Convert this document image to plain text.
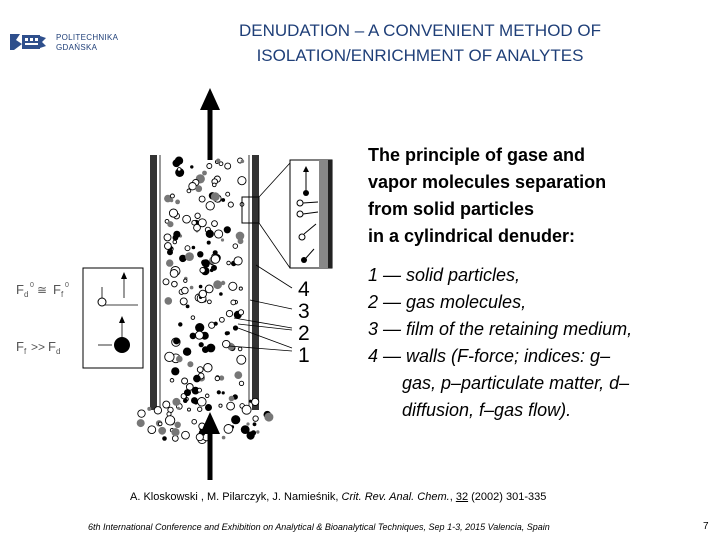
POLITECHNIKA
GDAŃSKA
DENUDATION – A CONVENIENT METHOD OF
ISOLATION/ENRICHMENT OF ANALYTES
F d
0 ≅ F f
0
F f >> F d
4
3
2
1
The principle of gase and
vapor molecules separation
from solid particles
in a cylindrical denuder:
1 — solid particles,
2 — gas molecules,
3 — film of the retaining medium,
4 — walls (F-force; indices: g–
gas, p–particulate matter, d–
diffusion, f–gas flow).
A. Kloskowski , M. Pilarczyk, J. Namieśnik, Crit. Rev. Anal. Chem., 32 (2002) 301-335
6th International Conference and Exhibition on Analytical & Bioanalytical Techniques, Sep 1-3, 2015 Valencia, Spain	7
